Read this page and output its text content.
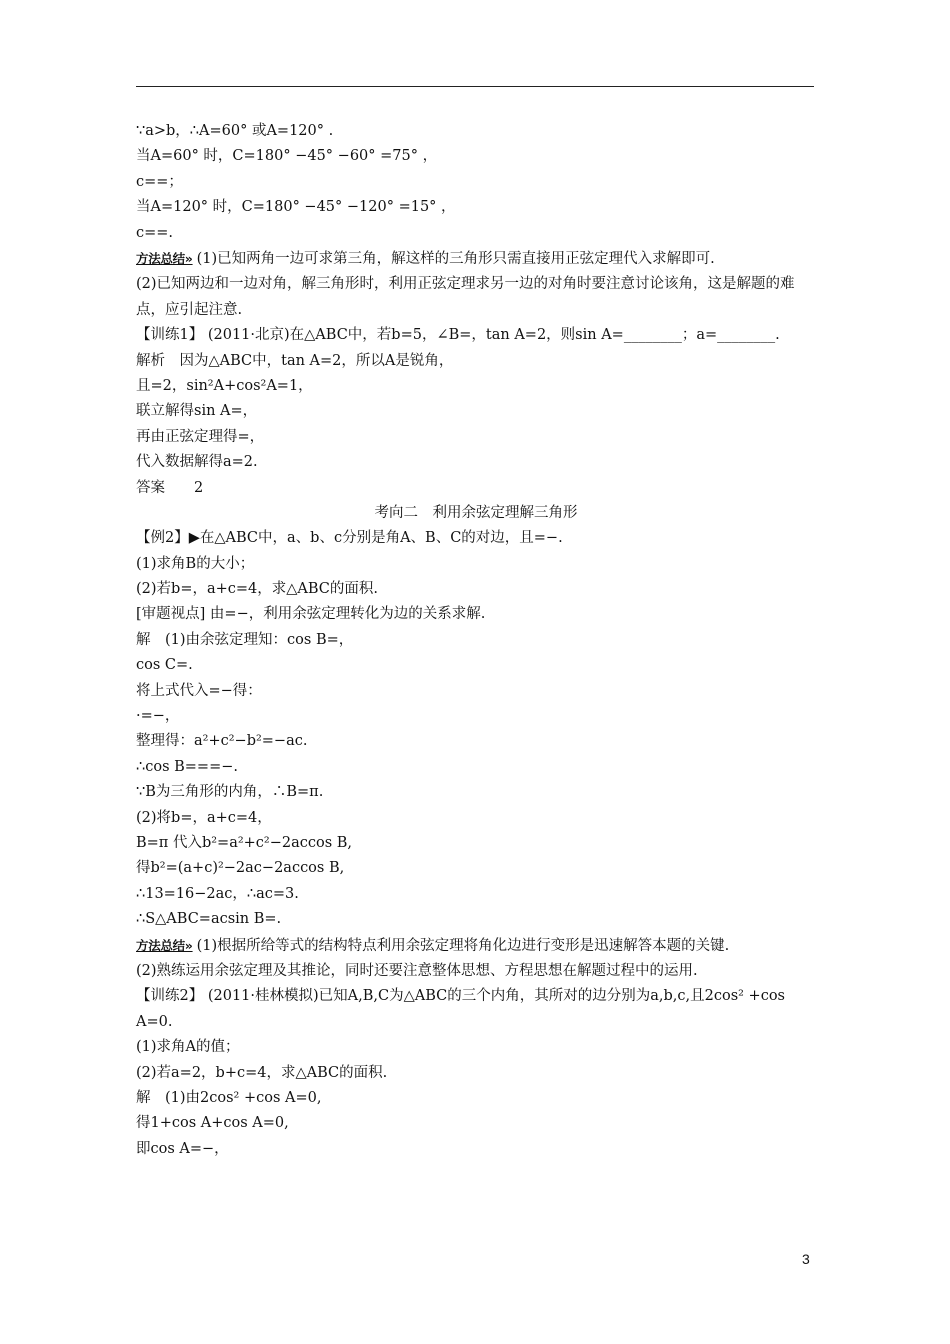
∵a>b，∴A=60° 或A=120° .
当A=60° 时，C=180° −45° −60° =75° ，
c==；
当A=120° 时，C=180° −45° −120° =15° ，
c==.
方法总结» (1)已知两角一边可求第三角，解这样的三角形只需直接用正弦定理代入求解即可.
(2)已知两边和一边对角，解三角形时，利用正弦定理求另一边的对角时要注意讨论该角，这是解题的难点，应引起注意.
【训练1】 (2011·北京)在△ABC中，若b=5，∠B=，tan A=2，则sin A=________；a=________.
解析　因为△ABC中，tan A=2，所以A是锐角，
且=2，sin²A+cos²A=1，
联立解得sin A=，
再由正弦定理得=，
代入数据解得a=2.
答案　　2
考向二　利用余弦定理解三角形
【例2】▶在△ABC中，a、b、c分别是角A、B、C的对边，且=−.
(1)求角B的大小；
(2)若b=，a+c=4，求△ABC的面积.
[审题视点] 由=−，利用余弦定理转化为边的关系求解.
解　(1)由余弦定理知：cos B=，
cos C=.
将上式代入=−得：
·=−，
整理得：a²+c²−b²=−ac.
∴cos B===−.
∵B为三角形的内角，∴B=π.
(2)将b=，a+c=4，
B=π 代入b²=a²+c²−2accos B,
得b²=(a+c)²−2ac−2accos B,
∴13=16−2ac，∴ac=3.
∴S△ABC=acsin B=.
方法总结» (1)根据所给等式的结构特点利用余弦定理将角化边进行变形是迅速解答本题的关键.
(2)熟练运用余弦定理及其推论，同时还要注意整体思想、方程思想在解题过程中的运用.
【训练2】 (2011·桂林模拟)已知A,B,C为△ABC的三个内角，其所对的边分别为a,b,c,且2cos² +cos A=0.
(1)求角A的值；
(2)若a=2，b+c=4，求△ABC的面积.
解　(1)由2cos² +cos A=0,
得1+cos A+cos A=0,
即cos A=−，
3
